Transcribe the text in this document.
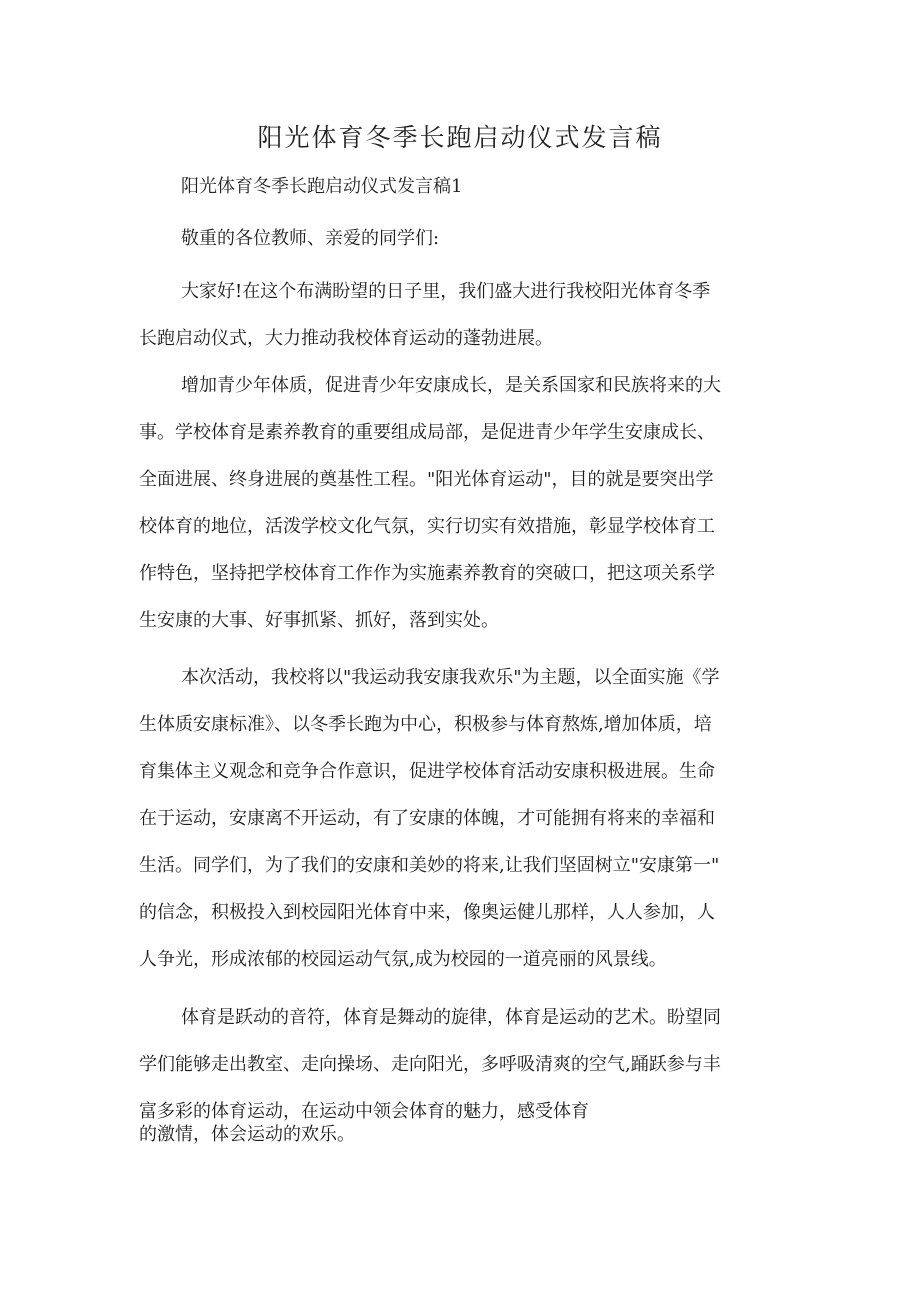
阳光体育冬季长跑启动仪式发言稿
阳光体育冬季长跑启动仪式发言稿1
敬重的各位教师、亲爱的同学们:
大家好!在这个布满盼望的日子里，我们盛大进行我校阳光体育冬季
长跑启动仪式，大力推动我校体育运动的蓬勃进展。
增加青少年体质，促进青少年安康成长，是关系国家和民族将来的大
事。学校体育是素养教育的重要组成局部，是促进青少年学生安康成长、
全面进展、终身进展的奠基性工程。"阳光体育运动"，目的就是要突出学
校体育的地位，活泼学校文化气氛，实行切实有效措施，彰显学校体育工
作特色，坚持把学校体育工作作为实施素养教育的突破口，把这项关系学
生安康的大事、好事抓紧、抓好，落到实处。
本次活动，我校将以"我运动我安康我欢乐"为主题，以全面实施《学
生体质安康标准》、以冬季长跑为中心，积极参与体育熬炼,增加体质，培
育集体主义观念和竞争合作意识，促进学校体育活动安康积极进展。生命
在于运动，安康离不开运动，有了安康的体魄，才可能拥有将来的幸福和
生活。同学们，为了我们的安康和美妙的将来,让我们坚固树立"安康第一"
的信念，积极投入到校园阳光体育中来，像奥运健儿那样，人人参加，人
人争光，形成浓郁的校园运动气氛,成为校园的一道亮丽的风景线。
体育是跃动的音符，体育是舞动的旋律，体育是运动的艺术。盼望同
学们能够走出教室、走向操场、走向阳光，多呼吸清爽的空气,踊跃参与丰
富多彩的体育运动，在运动中领会体育的魅力，感受体育
的激情，体会运动的欢乐。
